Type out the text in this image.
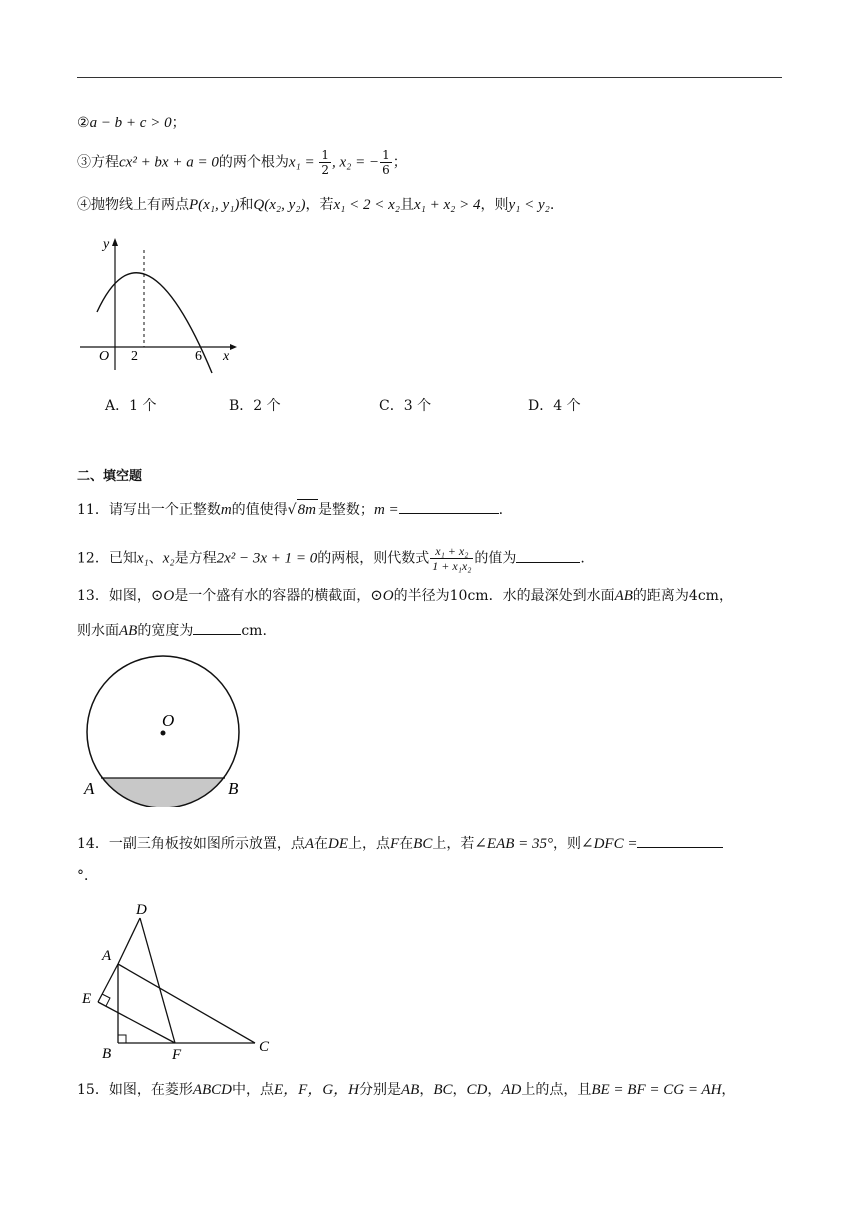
②a − b + c > 0；
③方程cx² + bx + a = 0的两个根为$x_1 = \frac{1}{2}$ , x₂ = − $\frac{1}{6}$ ；
④抛物线上有两点P(x₁, y₁)和Q(x₂, y₂)，若x₁ < 2 < x₂且x₁ + x₂ > 4，则y₁ < y₂.
y
x
O 2	6
A．1 个	B．2 个	C．3 个	D．4 个
二、填空题
11．请写出一个正整数m的值使得√8m 是整数；m =	.
12．已知x₁、x₂是方程2x² − 3x + 1 = 0的两根，则代数式 $\frac{\text{x₁ + x₂}}{\text{1 + x₁x₂}}$ 的值为	.
13．如图，⊙O是一个盛有水的容器的横截面，⊙O的半径为10cm．水的最深处到水面AB的距离为4cm，
则水面AB的宽度为	cm.
O
A	B
14．一副三角板按如图所示放置，点A在DE上，点F在BC上，若∠EAB = 35°，则∠DFC =
°．
D
A
E
B	F	C
15．如图，在菱形ABCD中，点E，F，G，H分别是AB，BC，CD，AD上的点，且BE = BF = CG = AH，
